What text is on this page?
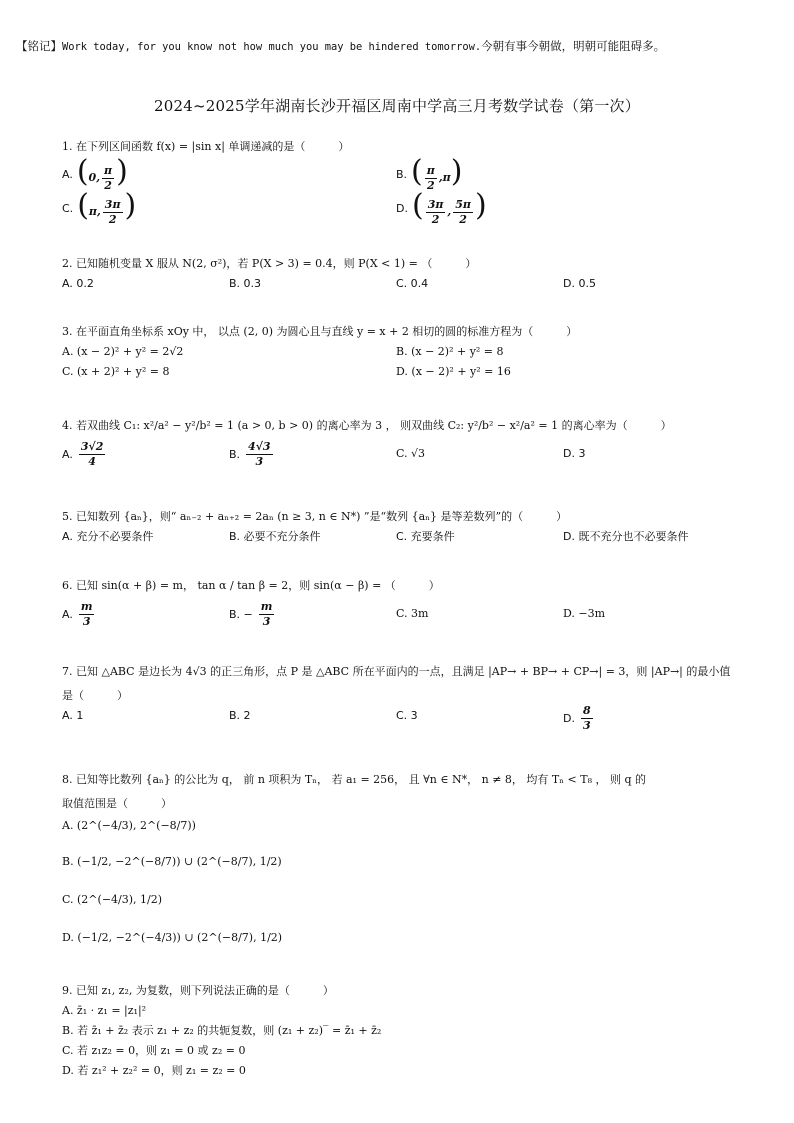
【铭记】Work today, for you know not how much you may be hindered tomorrow.今朝有事今朝做，明朝可能阻碍多。
2024~2025学年湖南长沙开福区周南中学高三月考数学试卷（第一次）
1. 在下列区间函数 f(x) = |sin x| 单调递减的是（　　　）
A. (0, $\frac{\pi}{2}$ )	B. ( $\frac{\pi}{2} ,\pi$)
C. (π, $\frac{3\pi}{2}$ )	D. ( $\frac{3\pi}{2}$ , $\frac{5\pi}{2}$ )
2. 已知随机变量 X 服从 N(2, σ²)，若 P(X > 3) = 0.4，则 P(X < 1) = （　　　）
A. 0.2	B. 0.3	C. 0.4	D. 0.5
3. 在平面直角坐标系 xOy 中， 以点 (2, 0) 为圆心且与直线 y = x + 2 相切的圆的标准方程为（　　　）
A. (x − 2)² + y² = 2√2	B. (x − 2)² + y² = 8
C. (x + 2)² + y² = 8	D. (x − 2)² + y² = 16
4. 若双曲线 C₁: x²/a² − y²/b² = 1 (a > 0, b > 0) 的离心率为 3 ， 则双曲线 C₂: y²/b² − x²/a² = 1 的离心率为（　　　）
A. $\frac{3√2}{4}$	B. $\frac{4√3}{3}$	C. √3	D. 3
5. 已知数列 {aₙ}，则“ aₙ₋₂ + aₙ₊₂ = 2aₙ (n ≥ 3, n ∈ N*) ”是“数列 {aₙ} 是等差数列”的（　　　）
A. 充分不必要条件	B. 必要不充分条件	C. 充要条件	D. 既不充分也不必要条件
6. 已知 sin(α + β) = m， tan α / tan β = 2，则 sin(α − β) = （　　　）
A. $\frac{m}{3}$	B. − $\frac{m}{3}$	C. 3m	D. −3m
7. 已知 △ABC 是边长为 4√3 的正三角形，点 P 是 △ABC 所在平面内的一点，且满足 |AP→ + BP→ + CP→| = 3，则 |AP→| 的最小值
是（　　　）
A. 1	B. 2	C. 3	D. $\frac{8}{3}$
8. 已知等比数列 {aₙ} 的公比为 q， 前 n 项积为 Tₙ， 若 a₁ = 256， 且 ∀n ∈ N*， n ≠ 8， 均有 Tₙ < T₈ ， 则 q 的
取值范围是（　　　）
A. (2^(−4/3), 2^(−8/7))
B. (−1/2, −2^(−8/7)) ∪ (2^(−8/7), 1/2)
C. (2^(−4/3), 1/2)
D. (−1/2, −2^(−4/3)) ∪ (2^(−8/7), 1/2)
9. 已知 z₁, z₂, 为复数，则下列说法正确的是（　　　）
A. z̄₁ · z₁ = |z₁|²
B. 若 z̄₁ + z̄₂ 表示 z₁ + z₂ 的共轭复数，则 (z₁ + z₂)‾ = z̄₁ + z̄₂
C. 若 z₁z₂ = 0，则 z₁ = 0 或 z₂ = 0
D. 若 z₁² + z₂² = 0，则 z₁ = z₂ = 0
